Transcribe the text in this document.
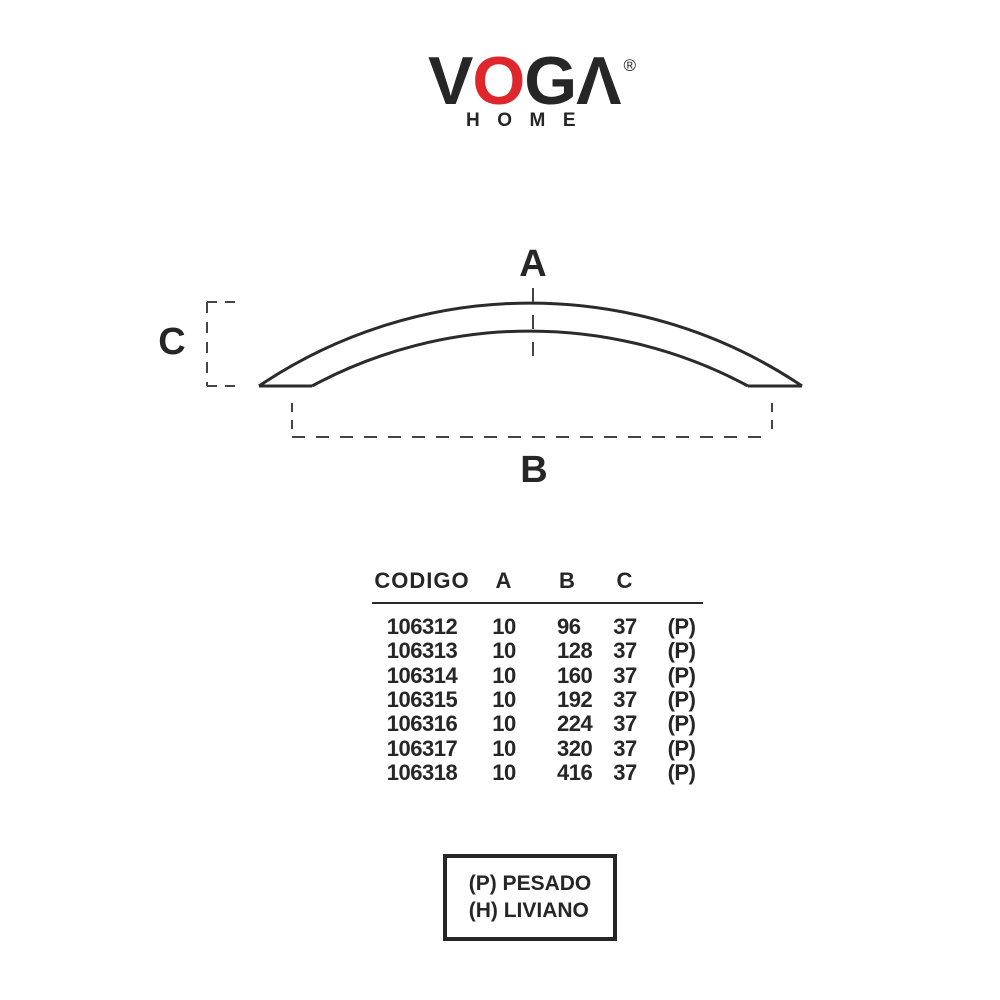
V O G Λ ®
HOME
A
B
C
CODIGO A B C
106312 10 96 37 (P)
106313 10 128 37 (P)
106314 10 160 37 (P)
106315 10 192 37 (P)
106316 10 224 37 (P)
106317 10 320 37 (P)
106318 10 416 37 (P)
(P) PESADO
(H) LIVIANO
